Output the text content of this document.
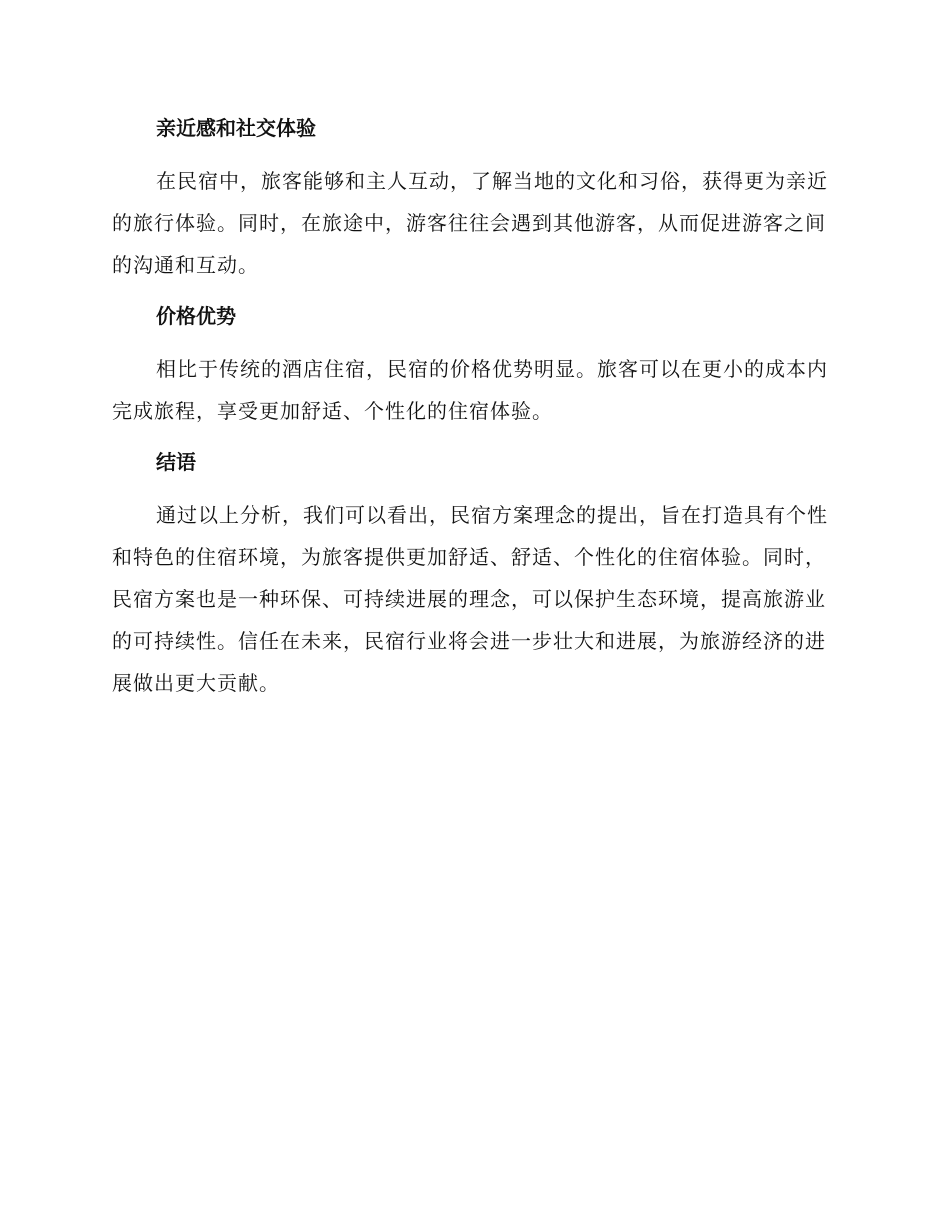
亲近感和社交体验

在民宿中，旅客能够和主人互动，了解当地的文化和习俗，获得更为亲近的旅行体验。同时，在旅途中，游客往往会遇到其他游客，从而促进游客之间的沟通和互动。

价格优势

相比于传统的酒店住宿，民宿的价格优势明显。旅客可以在更小的成本内完成旅程，享受更加舒适、个性化的住宿体验。

结语

通过以上分析，我们可以看出，民宿方案理念的提出，旨在打造具有个性和特色的住宿环境，为旅客提供更加舒适、舒适、个性化的住宿体验。同时，民宿方案也是一种环保、可持续进展的理念，可以保护生态环境，提高旅游业的可持续性。信任在未来，民宿行业将会进一步壮大和进展，为旅游经济的进展做出更大贡献。
